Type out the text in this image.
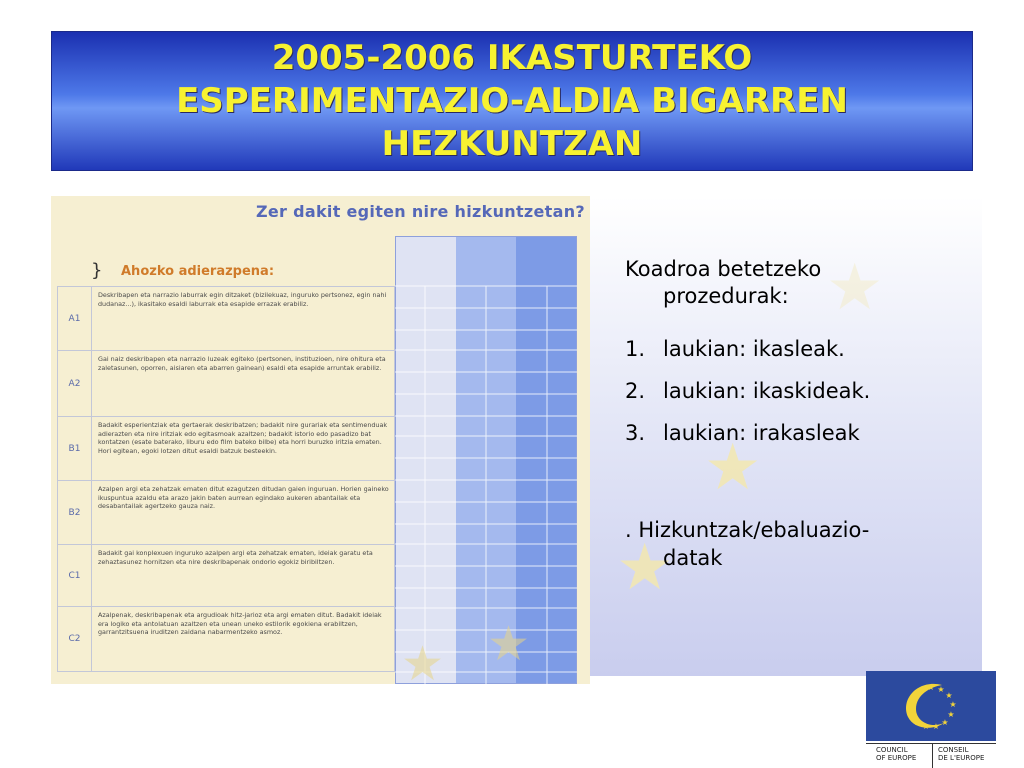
2005-2006 IKASTURTEKO
ESPERIMENTAZIO-ALDIA BIGARREN
HEZKUNTZAN
★
★
★
Zer dakit egiten nire hizkuntzetan?
} Ahozko adierazpena:
A1
Deskribapen eta narrazio laburrak egin ditzaket (bizilekuaz, inguruko pertsonez, egin nahi dudanaz...), ikasitako esaldi laburrak eta esapide errazak erabiliz.
A2
Gai naiz deskribapen eta narrazio luzeak egiteko (pertsonen, instituzioen, nire ohitura eta zaletasunen, oporren, aisiaren eta abarren gainean) esaldi eta esapide arruntak erabiliz.
B1
Badakit esperientziak eta gertaerak deskribatzen; badakit nire gurariak eta sentimenduak adierazten eta nire iritziak edo egitasmoak azaltzen; badakit istorio edo pasadizo bat kontatzen (esate baterako, liburu edo film bateko bilbe) eta horri buruzko iritzia ematen. Hori egitean, egoki lotzen ditut esaldi batzuk besteekin.
B2
Azalpen argi eta zehatzak ematen ditut ezagutzen ditudan gaien inguruan. Horien gaineko ikuspuntua azaldu eta arazo jakin baten aurrean egindako aukeren abantailak eta desabantailak agertzeko gauza naiz.
C1
Badakit gai konplexuen inguruko azalpen argi eta zehatzak ematen, ideiak garatu eta zehaztasunez hornitzen eta nire deskribapenak ondorio egokiz biribiltzen.
C2
Azalpenak, deskribapenak eta argudioak hitz-jarioz eta argi ematen ditut. Badakit ideiak era logiko eta antolatuan azaltzen eta unean uneko estilorik egokiena erabiltzen, garrantzitsuena iruditzen zaidana nabarmentzeko asmoz.	★
★
Koadroa betetzeko
prozedurak:
1. laukian: ikasleak.
2. laukian: ikaskideak.
3. laukian: irakasleak
. Hizkuntzak/ebaluazio-
datak
★ ★
★
★
★
★
★
★
★
★
★
★
COUNCIL
OF EUROPE
CONSEIL
DE L'EUROPE
